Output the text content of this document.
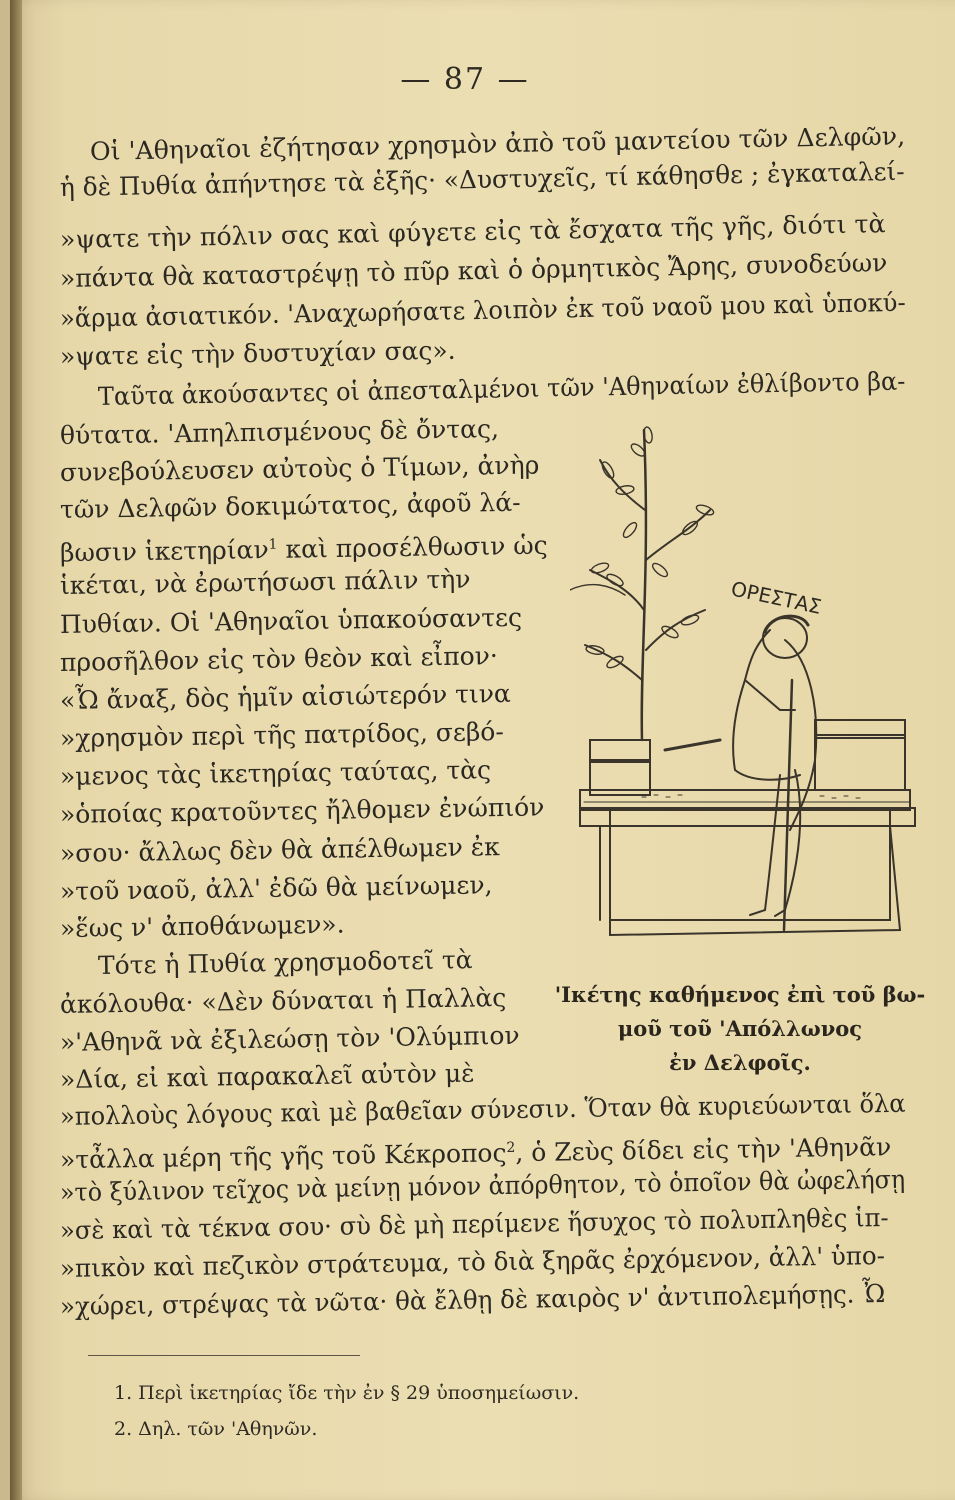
— 87 —
Οἱ 'Αθηναῖοι ἐζήτησαν χρησμὸν ἀπὸ τοῦ μαντείου τῶν Δελφῶν,
ἡ δὲ Πυθία ἀπήντησε τὰ ἑξῆς· «Δυστυχεῖς, τί κάθησθε ; ἐγκαταλεί-
»ψατε τὴν πόλιν σας καὶ φύγετε εἰς τὰ ἔσχατα τῆς γῆς, διότι τὰ
»πάντα θὰ καταστρέψῃ τὸ πῦρ καὶ ὁ ὁρμητικὸς Ἄρης, συνοδεύων
»ἅρμα ἀσιατικόν. 'Αναχωρήσατε λοιπὸν ἐκ τοῦ ναοῦ μου καὶ ὑποκύ-
»ψατε εἰς τὴν δυστυχίαν σας».
Ταῦτα ἀκούσαντες οἱ ἀπεσταλμένοι τῶν 'Αθηναίων ἐθλίβοντο βα-
θύτατα. 'Απηλπισμένους δὲ ὄντας,
συνεβούλευσεν αὐτοὺς ὁ Τίμων, ἀνὴρ
τῶν Δελφῶν δοκιμώτατος, ἀφοῦ λά-
βωσιν ἱκετηρίαν$^1$ καὶ προσέλθωσιν ὡς
ἱκέται, νὰ ἐρωτήσωσι πάλιν τὴν
Πυθίαν. Οἱ 'Αθηναῖοι ὑπακούσαντες
προσῆλθον εἰς τὸν θεὸν καὶ εἶπον·
«Ὦ ἄναξ, δὸς ἡμῖν αἰσιώτερόν τινα
»χρησμὸν περὶ τῆς πατρίδος, σεβό-
»μενος τὰς ἱκετηρίας ταύτας, τὰς
»ὁποίας κρατοῦντες ἤλθομεν ἐνώπιόν
»σου· ἄλλως δὲν θὰ ἀπέλθωμεν ἐκ
»τοῦ ναοῦ, ἀλλ' ἐδῶ θὰ μείνωμεν,
»ἕως ν' ἀποθάνωμεν».
Τότε ἡ Πυθία χρησμοδοτεῖ τὰ
ἀκόλουθα· «Δὲν δύναται ἡ Παλλὰς
»'Αθηνᾶ νὰ ἐξιλεώσῃ τὸν 'Ολύμπιον
»Δία, εἰ καὶ παρακαλεῖ αὐτὸν μὲ
»πολλοὺς λόγους καὶ μὲ βαθεῖαν σύνεσιν. Ὅταν θὰ κυριεύωνται ὅλα
»τἆλλα μέρη τῆς γῆς τοῦ Κέκροπος$^2$, ὁ Ζεὺς δίδει εἰς τὴν 'Αθηνᾶν
»τὸ ξύλινον τεῖχος νὰ μείνῃ μόνον ἀπόρθητον, τὸ ὁποῖον θὰ ὠφελήσῃ
»σὲ καὶ τὰ τέκνα σου· σὺ δὲ μὴ περίμενε ἥσυχος τὸ πολυπληθὲς ἱπ-
»πικὸν καὶ πεζικὸν στράτευμα, τὸ διὰ ξηρᾶς ἐρχόμενον, ἀλλ' ὑπο-
»χώρει, στρέψας τὰ νῶτα· θὰ ἔλθῃ δὲ καιρὸς ν' ἀντιπολεμήσῃς. Ὦ
ΟΡΕΣΤΑΣ
'Ικέτης καθήμενος ἐπὶ τοῦ βω-
μοῦ τοῦ 'Απόλλωνος
ἐν Δελφοῖς.
1. Περὶ ἱκετηρίας ἴδε τὴν ἐν § 29 ὑποσημείωσιν.
2. Δηλ. τῶν 'Αθηνῶν.
